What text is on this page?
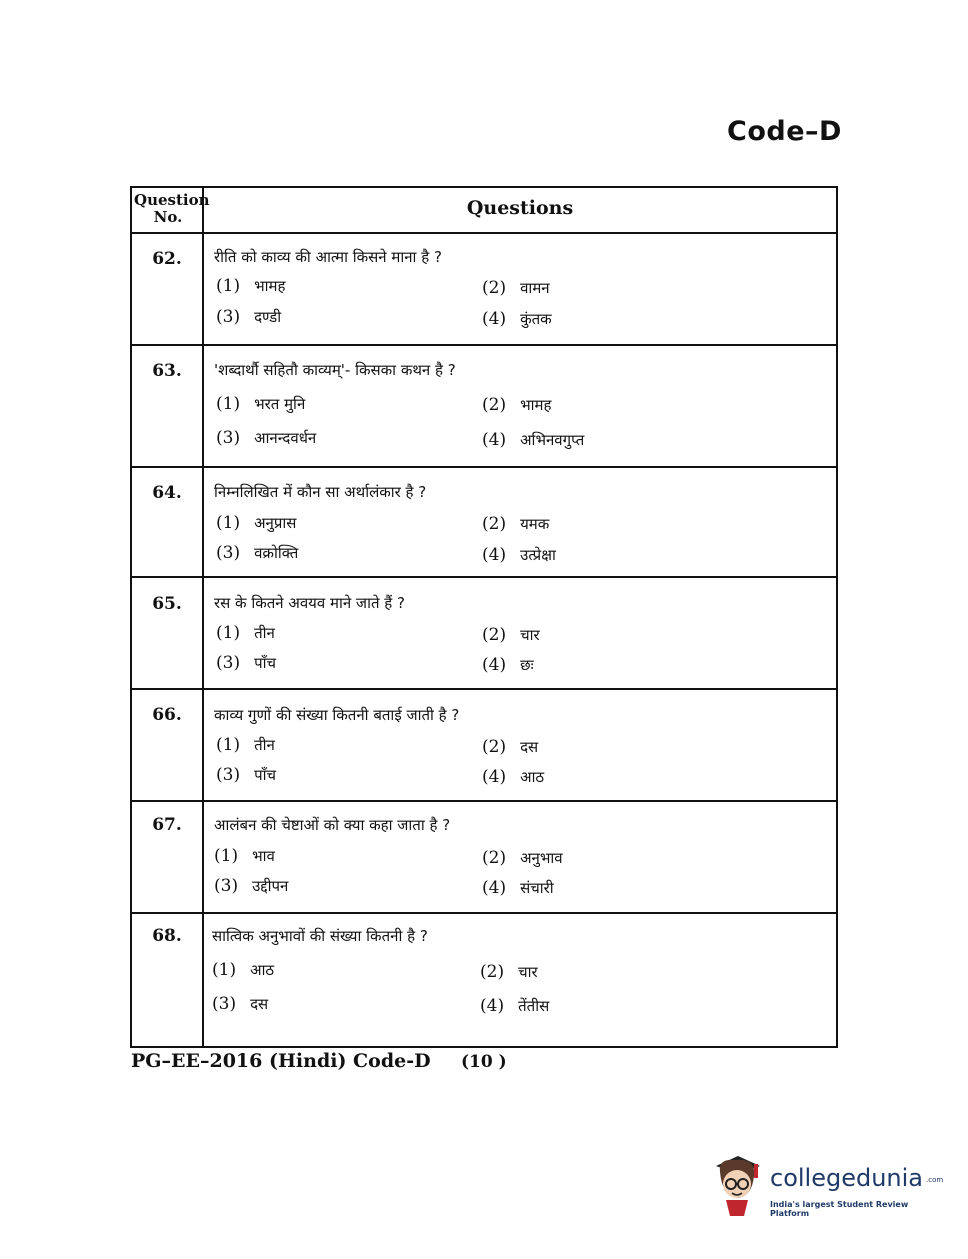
Code–D
Question No.	Questions
62.	रीति को काव्य की आत्मा किसने माना है ?
(1) भामह	(2) वामन
(3) दण्डी	(4) कुंतक
63.	'शब्दार्थौ सहितौ काव्यम्'- किसका कथन है ?
(1) भरत मुनि	(2) भामह
(3) आनन्दवर्धन	(4) अभिनवगुप्त
64.	निम्नलिखित में कौन सा अर्थालंकार है ?
(1) अनुप्रास	(2) यमक
(3) वक्रोक्ति	(4) उत्प्रेक्षा
65.	रस के कितने अवयव माने जाते हैं ?
(1) तीन	(2) चार
(3) पाँच	(4) छः
66.	काव्य गुणों की संख्या कितनी बताई जाती है ?
(1) तीन	(2) दस
(3) पाँच	(4) आठ
67.	आलंबन की चेष्टाओं को क्या कहा जाता है ?
(1) भाव	(2) अनुभाव
(3) उद्दीपन	(4) संचारी
68.	सात्विक अनुभावों की संख्या कितनी है ?
(1) आठ	(2) चार
(3) दस	(4) तेंतीस
PG–EE–2016 (Hindi) Code-D (10 )
collegedunia .com
India's largest Student Review Platform
